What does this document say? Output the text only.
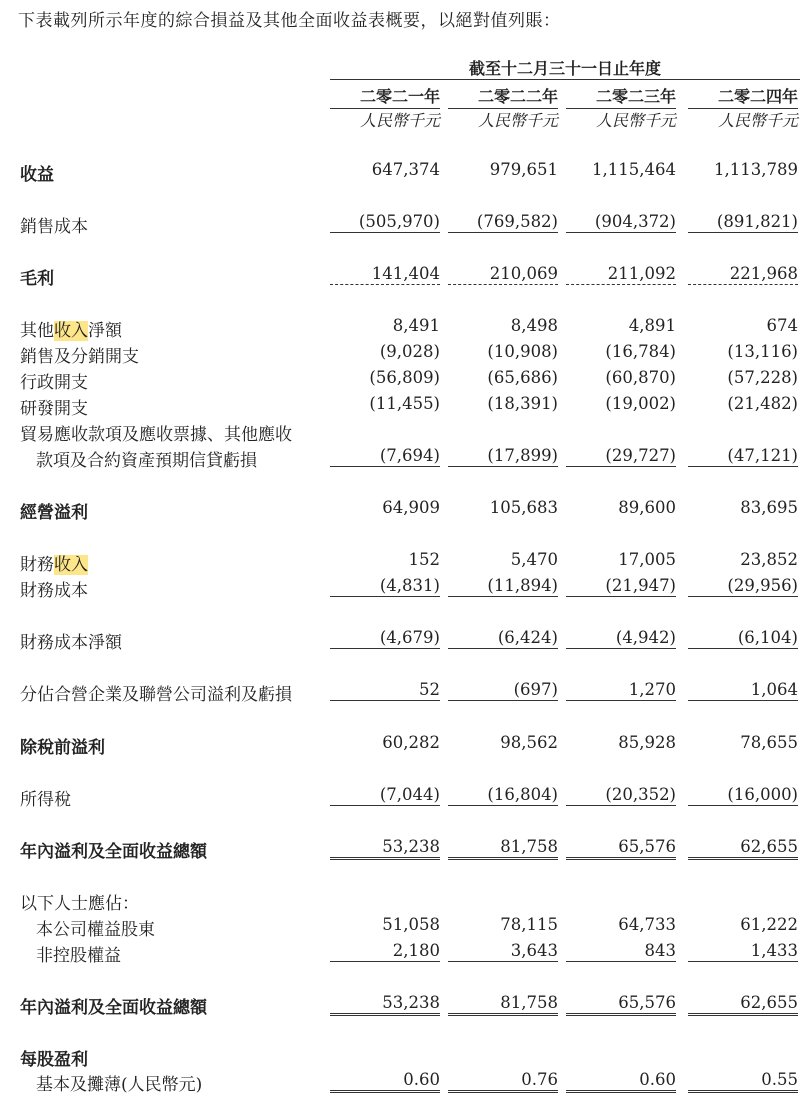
下表載列所示年度的綜合損益及其他全面收益表概要，以絕對值列賬：
截至十二月三十一日止年度
二零二一年	二零二二年	二零二三年	二零二四年
人民幣千元	人民幣千元	人民幣千元	人民幣千元
收益	647,374	979,651	1,115,464	1,113,789
銷售成本	(505,970)	(769,582)	(904,372)	(891,821)
毛利	141,404	210,069	211,092	221,968
其他收入淨額	8,491	8,498	4,891	674
銷售及分銷開支	(9,028)	(10,908)	(16,784)	(13,116)
行政開支	(56,809)	(65,686)	(60,870)	(57,228)
研發開支	(11,455)	(18,391)	(19,002)	(21,482)
貿易應收款項及應收票據、其他應收
款項及合約資產預期信貸虧損	(7,694)	(17,899)	(29,727)	(47,121)
經營溢利	64,909	105,683	89,600	83,695
財務收入	152	5,470	17,005	23,852
財務成本	(4,831)	(11,894)	(21,947)	(29,956)
財務成本淨額	(4,679)	(6,424)	(4,942)	(6,104)
分佔合營企業及聯營公司溢利及虧損	52	(697)	1,270	1,064
除稅前溢利	60,282	98,562	85,928	78,655
所得稅	(7,044)	(16,804)	(20,352)	(16,000)
年內溢利及全面收益總額	53,238	81,758	65,576	62,655
以下人士應佔：
本公司權益股東	51,058	78,115	64,733	61,222
非控股權益	2,180	3,643	843	1,433
年內溢利及全面收益總額	53,238	81,758	65,576	62,655
每股盈利
基本及攤薄(人民幣元)	0.60	0.76	0.60	0.55
